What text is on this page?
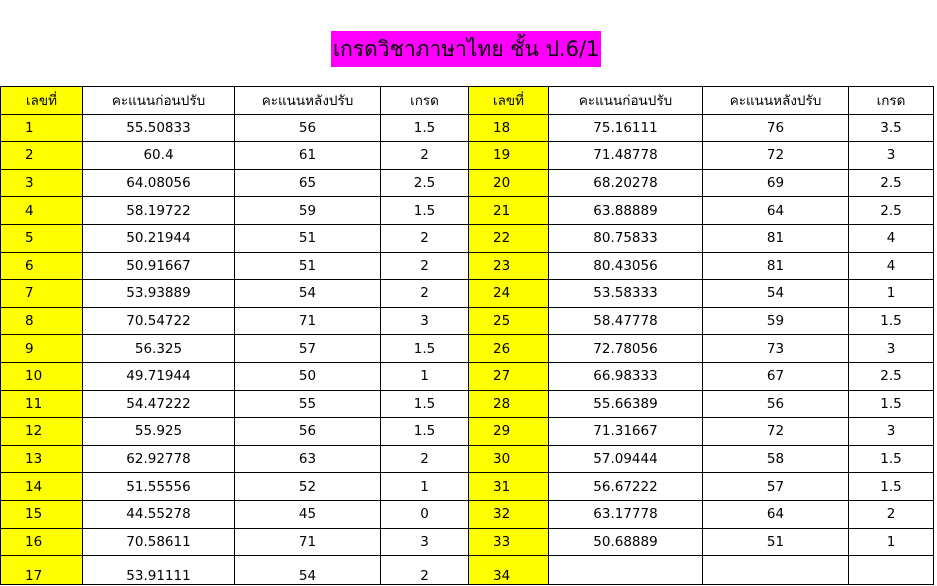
เกรดวิชาภาษาไทย ชั้น ป.6/1
เลขที่	คะแนนก่อนปรับ	คะแนนหลังปรับ	เกรด	เลขที่	คะแนนก่อนปรับ	คะแนนหลังปรับ	เกรด
1	55.50833	56	1.5	18	75.16111	76	3.5
2	60.4	61	2	19	71.48778	72	3
3	64.08056	65	2.5	20	68.20278	69	2.5
4	58.19722	59	1.5	21	63.88889	64	2.5
5	50.21944	51	2	22	80.75833	81	4
6	50.91667	51	2	23	80.43056	81	4
7	53.93889	54	2	24	53.58333	54	1
8	70.54722	71	3	25	58.47778	59	1.5
9	56.325	57	1.5	26	72.78056	73	3
10	49.71944	50	1	27	66.98333	67	2.5
11	54.47222	55	1.5	28	55.66389	56	1.5
12	55.925	56	1.5	29	71.31667	72	3
13	62.92778	63	2	30	57.09444	58	1.5
14	51.55556	52	1	31	56.67222	57	1.5
15	44.55278	45	0	32	63.17778	64	2
16	70.58611	71	3	33	50.68889	51	1
17	53.91111	54	2	34			
